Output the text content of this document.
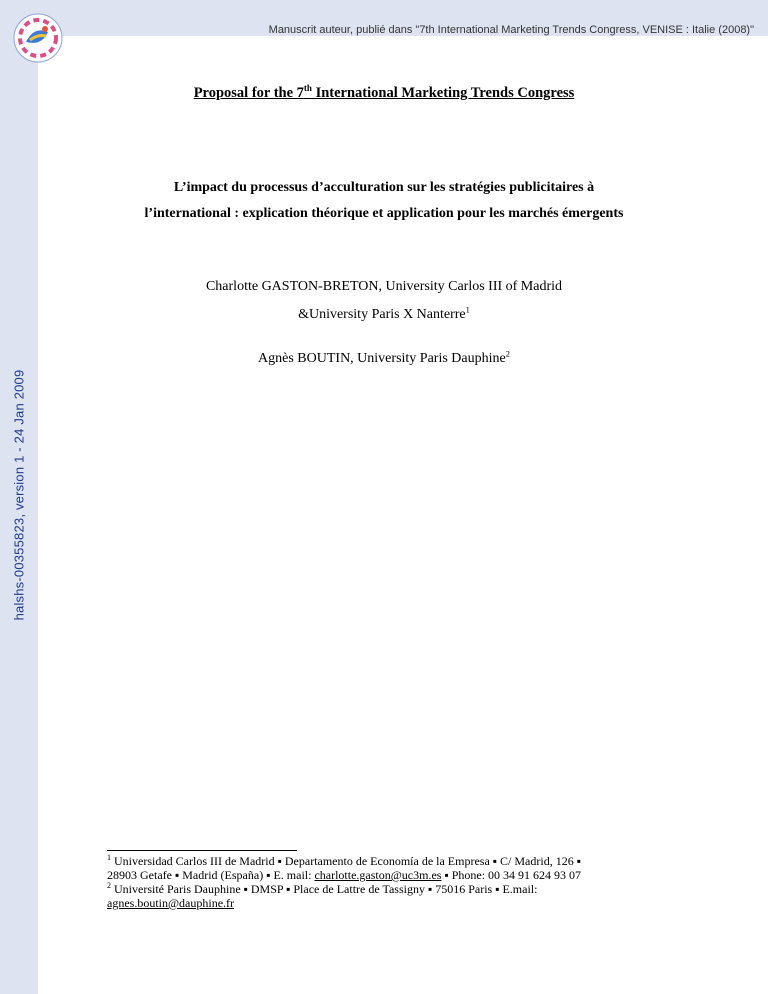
halshs-00355823, version 1 - 24 Jan 2009
Manuscrit auteur, publié dans "7th International Marketing Trends Congress, VENISE : Italie (2008)"
Proposal for the 7th International Marketing Trends Congress
L’impact du processus d’acculturation sur les stratégies publicitaires à
l’international : explication théorique et application pour les marchés émergents
Charlotte GASTON-BRETON, University Carlos III of Madrid
&University Paris X Nanterre$^1$
Agnès BOUTIN, University Paris Dauphine$^2$
$^1$ Universidad Carlos III de Madrid ▪ Departamento de Economía de la Empresa ▪ C/ Madrid, 126 ▪
28903 Getafe ▪ Madrid (España) ▪ E. mail: charlotte.gaston@uc3m.es ▪ Phone: 00 34 91 624 93 07
$^2$ Université Paris Dauphine ▪ DMSP ▪ Place de Lattre de Tassigny ▪ 75016 Paris ▪ E.mail:
agnes.boutin@dauphine.fr
